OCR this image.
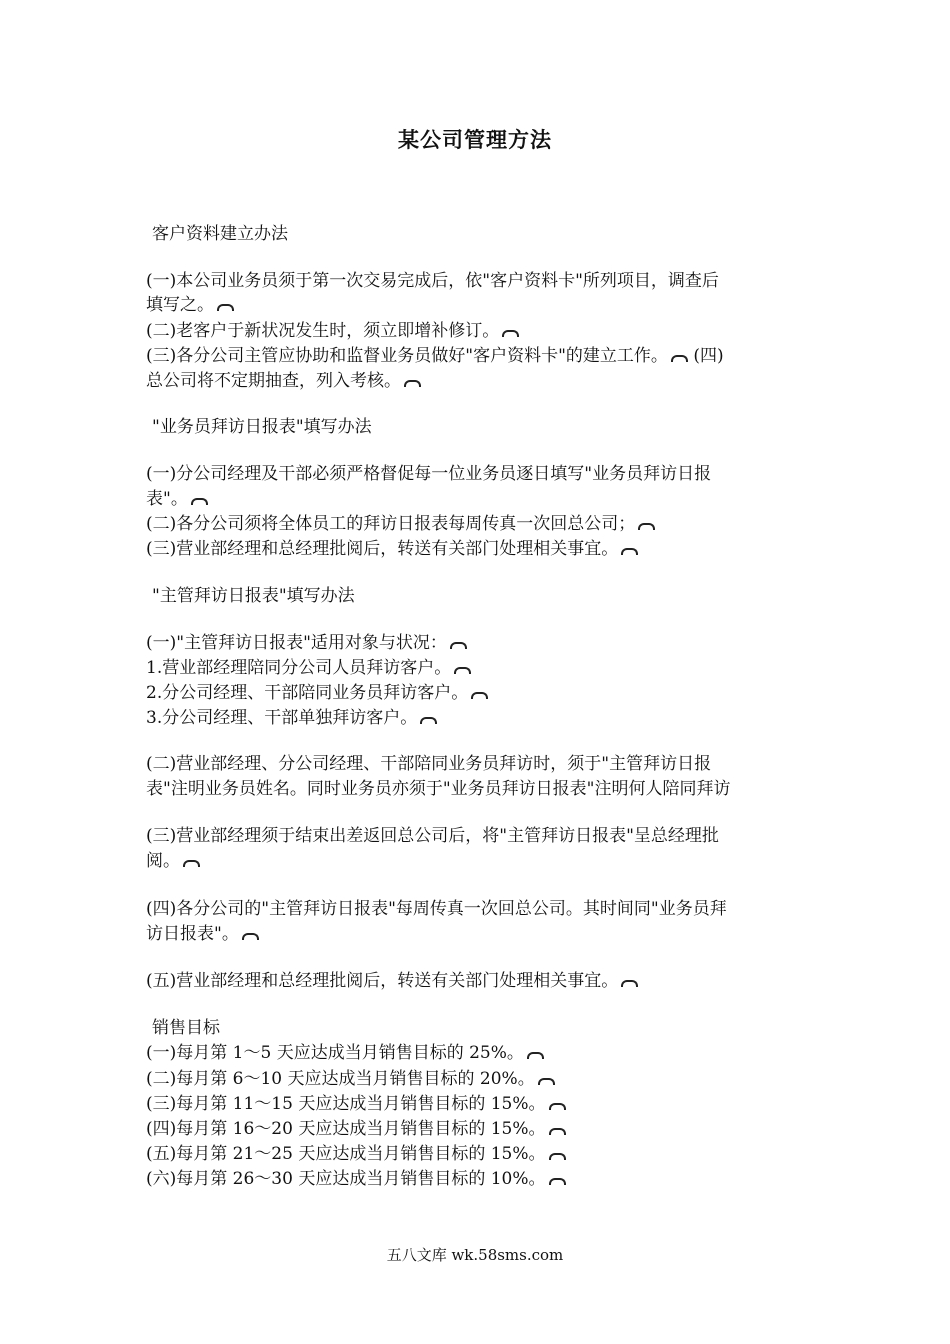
某公司管理方法
客户资料建立办法
(一)本公司业务员须于第一次交易完成后，依"客户资料卡"所列项目，调查后
填写之。
(二)老客户于新状况发生时，须立即增补修订。
(三)各分公司主管应协助和监督业务员做好"客户资料卡"的建立工作。 (四)
总公司将不定期抽查，列入考核。
"业务员拜访日报表"填写办法
(一)分公司经理及干部必须严格督促每一位业务员逐日填写"业务员拜访日报
表"。
(二)各分公司须将全体员工的拜访日报表每周传真一次回总公司；
(三)营业部经理和总经理批阅后，转送有关部门处理相关事宜。
"主管拜访日报表"填写办法
(一)"主管拜访日报表"适用对象与状况：
1.营业部经理陪同分公司人员拜访客户。
2.分公司经理、干部陪同业务员拜访客户。
3.分公司经理、干部单独拜访客户。
(二)营业部经理、分公司经理、干部陪同业务员拜访时，须于"主管拜访日报
表"注明业务员姓名。同时业务员亦须于"业务员拜访日报表"注明何人陪同拜访
(三)营业部经理须于结束出差返回总公司后，将"主管拜访日报表"呈总经理批
阅。
(四)各分公司的"主管拜访日报表"每周传真一次回总公司。其时间同"业务员拜
访日报表"。
(五)营业部经理和总经理批阅后，转送有关部门处理相关事宜。
销售目标
(一)每月第 1～5 天应达成当月销售目标的 25%。
(二)每月第 6～10 天应达成当月销售目标的 20%。
(三)每月第 11～15 天应达成当月销售目标的 15%。
(四)每月第 16～20 天应达成当月销售目标的 15%。
(五)每月第 21～25 天应达成当月销售目标的 15%。
(六)每月第 26～30 天应达成当月销售目标的 10%。
五八文库 wk.58sms.com
